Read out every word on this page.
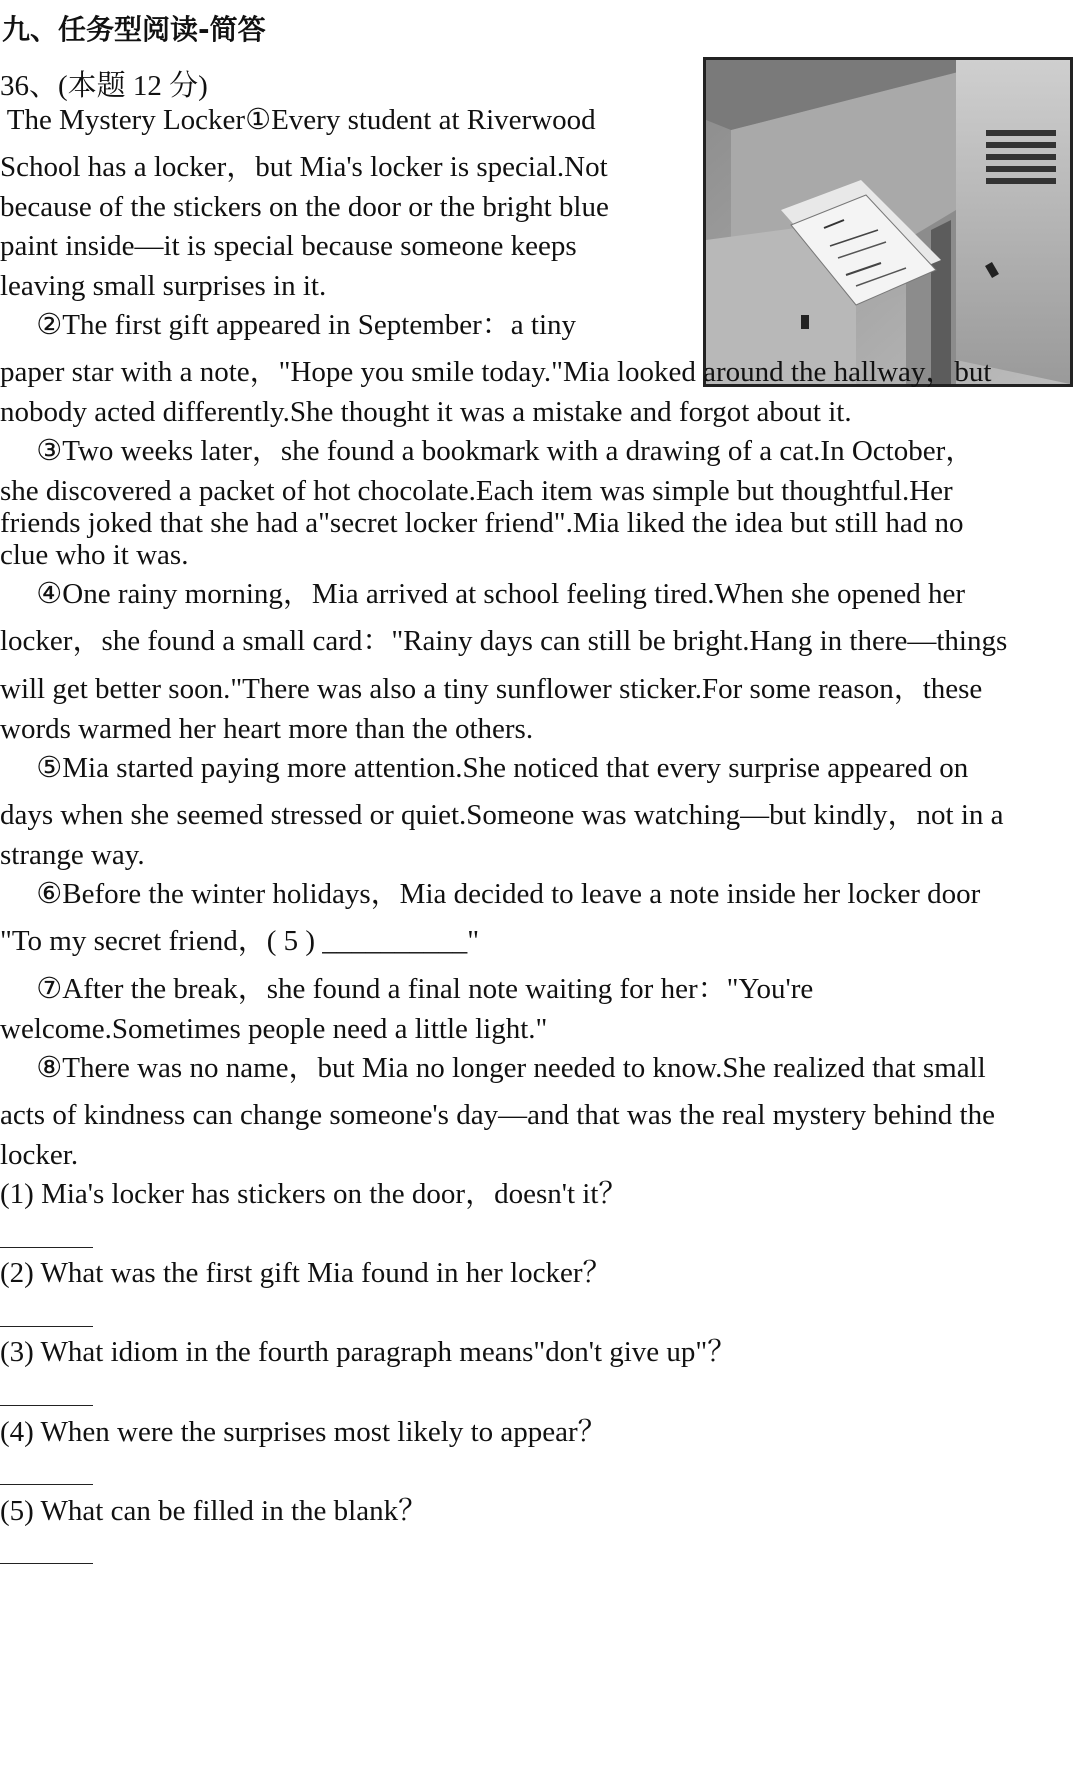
九、任务型阅读-简答
36、(本题 12 分)
The Mystery Locker①Every student at Riverwood
School has a locker，but Mia's locker is special.Not
because of the stickers on the door or the bright blue
paint inside—it is special because someone keeps
leaving small surprises in it.
②The first gift appeared in September：a tiny
paper star with a note，"Hope you smile today."Mia looked around the hallway，but
nobody acted differently.She thought it was a mistake and forgot about it.
③Two weeks later，she found a bookmark with a drawing of a cat.In October，
she discovered a packet of hot chocolate.Each item was simple but thoughtful.Her
friends joked that she had a"secret locker friend".Mia liked the idea but still had no
clue who it was.
④One rainy morning，Mia arrived at school feeling tired.When she opened her
locker，she found a small card："Rainy days can still be bright.Hang in there—things
will get better soon."There was also a tiny sunflower sticker.For some reason，these
words warmed her heart more than the others.
⑤Mia started paying more attention.She noticed that every surprise appeared on
days when she seemed stressed or quiet.Someone was watching—but kindly，not in a
strange way.
⑥Before the winter holidays，Mia decided to leave a note inside her locker door
"To my secret friend，( 5 ) __________"
⑦After the break，she found a final note waiting for her："You're
welcome.Sometimes people need a little light."
⑧There was no name，but Mia no longer needed to know.She realized that small
acts of kindness can change someone's day—and that was the real mystery behind the
locker.
(1) Mia's locker has stickers on the door，doesn't it？
(2) What was the first gift Mia found in her locker？
(3) What idiom in the fourth paragraph means"don't give up"？
(4) When were the surprises most likely to appear？
(5) What can be filled in the blank？
